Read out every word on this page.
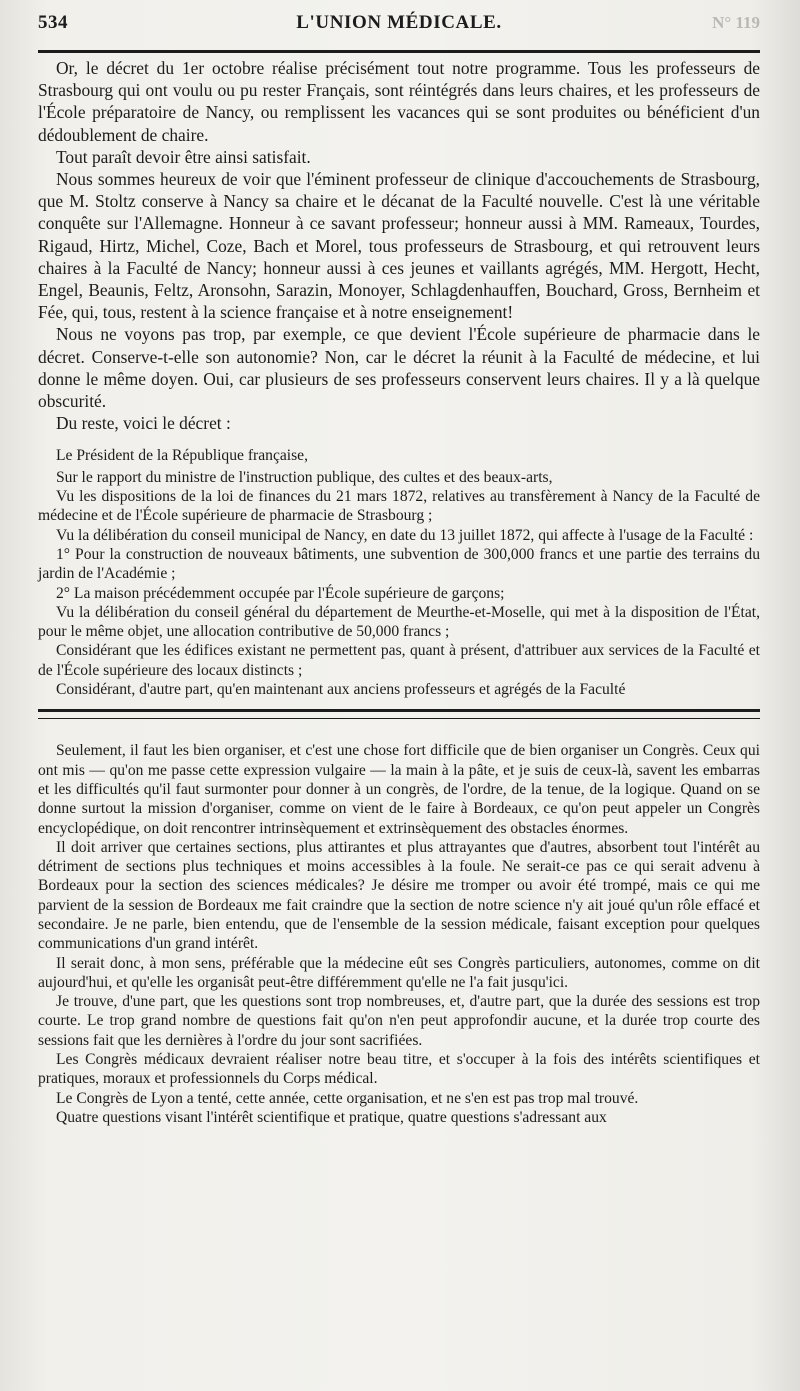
534	L'UNION MÉDICALE.	N° 119

Or, le décret du 1er octobre réalise précisément tout notre programme. Tous les professeurs de Strasbourg qui ont voulu ou pu rester Français, sont réintégrés dans leurs chaires, et les professeurs de l'École préparatoire de Nancy, ou remplissent les vacances qui se sont produites ou bénéficient d'un dédoublement de chaire.

Tout paraît devoir être ainsi satisfait.

Nous sommes heureux de voir que l'éminent professeur de clinique d'accouchements de Strasbourg, que M. Stoltz conserve à Nancy sa chaire et le décanat de la Faculté nouvelle. C'est là une véritable conquête sur l'Allemagne. Honneur à ce savant professeur; honneur aussi à MM. Rameaux, Tourdes, Rigaud, Hirtz, Michel, Coze, Bach et Morel, tous professeurs de Strasbourg, et qui retrouvent leurs chaires à la Faculté de Nancy; honneur aussi à ces jeunes et vaillants agrégés, MM. Hergott, Hecht, Engel, Beaunis, Feltz, Aronsohn, Sarazin, Monoyer, Schlagdenhauffen, Bouchard, Gross, Bernheim et Fée, qui, tous, restent à la science française et à notre enseignement!

Nous ne voyons pas trop, par exemple, ce que devient l'École supérieure de pharmacie dans le décret. Conserve-t-elle son autonomie? Non, car le décret la réunit à la Faculté de médecine, et lui donne le même doyen. Oui, car plusieurs de ses professeurs conservent leurs chaires. Il y a là quelque obscurité.

Du reste, voici le décret :

Le Président de la République française,

Sur le rapport du ministre de l'instruction publique, des cultes et des beaux-arts,

Vu les dispositions de la loi de finances du 21 mars 1872, relatives au transfèrement à Nancy de la Faculté de médecine et de l'École supérieure de pharmacie de Strasbourg ;

Vu la délibération du conseil municipal de Nancy, en date du 13 juillet 1872, qui affecte à l'usage de la Faculté :

1° Pour la construction de nouveaux bâtiments, une subvention de 300,000 francs et une partie des terrains du jardin de l'Académie ;

2° La maison précédemment occupée par l'École supérieure de garçons;

Vu la délibération du conseil général du département de Meurthe-et-Moselle, qui met à la disposition de l'État, pour le même objet, une allocation contributive de 50,000 francs ;

Considérant que les édifices existant ne permettent pas, quant à présent, d'attribuer aux services de la Faculté et de l'École supérieure des locaux distincts ;

Considérant, d'autre part, qu'en maintenant aux anciens professeurs et agrégés de la Faculté

Seulement, il faut les bien organiser, et c'est une chose fort difficile que de bien organiser un Congrès. Ceux qui ont mis — qu'on me passe cette expression vulgaire — la main à la pâte, et je suis de ceux-là, savent les embarras et les difficultés qu'il faut surmonter pour donner à un congrès, de l'ordre, de la tenue, de la logique. Quand on se donne surtout la mission d'organiser, comme on vient de le faire à Bordeaux, ce qu'on peut appeler un Congrès encyclopédique, on doit rencontrer intrinsèquement et extrinsèquement des obstacles énormes.

Il doit arriver que certaines sections, plus attirantes et plus attrayantes que d'autres, absorbent tout l'intérêt au détriment de sections plus techniques et moins accessibles à la foule. Ne serait-ce pas ce qui serait advenu à Bordeaux pour la section des sciences médicales? Je désire me tromper ou avoir été trompé, mais ce qui me parvient de la session de Bordeaux me fait craindre que la section de notre science n'y ait joué qu'un rôle effacé et secondaire. Je ne parle, bien entendu, que de l'ensemble de la session médicale, faisant exception pour quelques communications d'un grand intérêt.

Il serait donc, à mon sens, préférable que la médecine eût ses Congrès particuliers, autonomes, comme on dit aujourd'hui, et qu'elle les organisât peut-être différemment qu'elle ne l'a fait jusqu'ici.

Je trouve, d'une part, que les questions sont trop nombreuses, et, d'autre part, que la durée des sessions est trop courte. Le trop grand nombre de questions fait qu'on n'en peut approfondir aucune, et la durée trop courte des sessions fait que les dernières à l'ordre du jour sont sacrifiées.

Les Congrès médicaux devraient réaliser notre beau titre, et s'occuper à la fois des intérêts scientifiques et pratiques, moraux et professionnels du Corps médical.

Le Congrès de Lyon a tenté, cette année, cette organisation, et ne s'en est pas trop mal trouvé.

Quatre questions visant l'intérêt scientifique et pratique, quatre questions s'adressant aux
